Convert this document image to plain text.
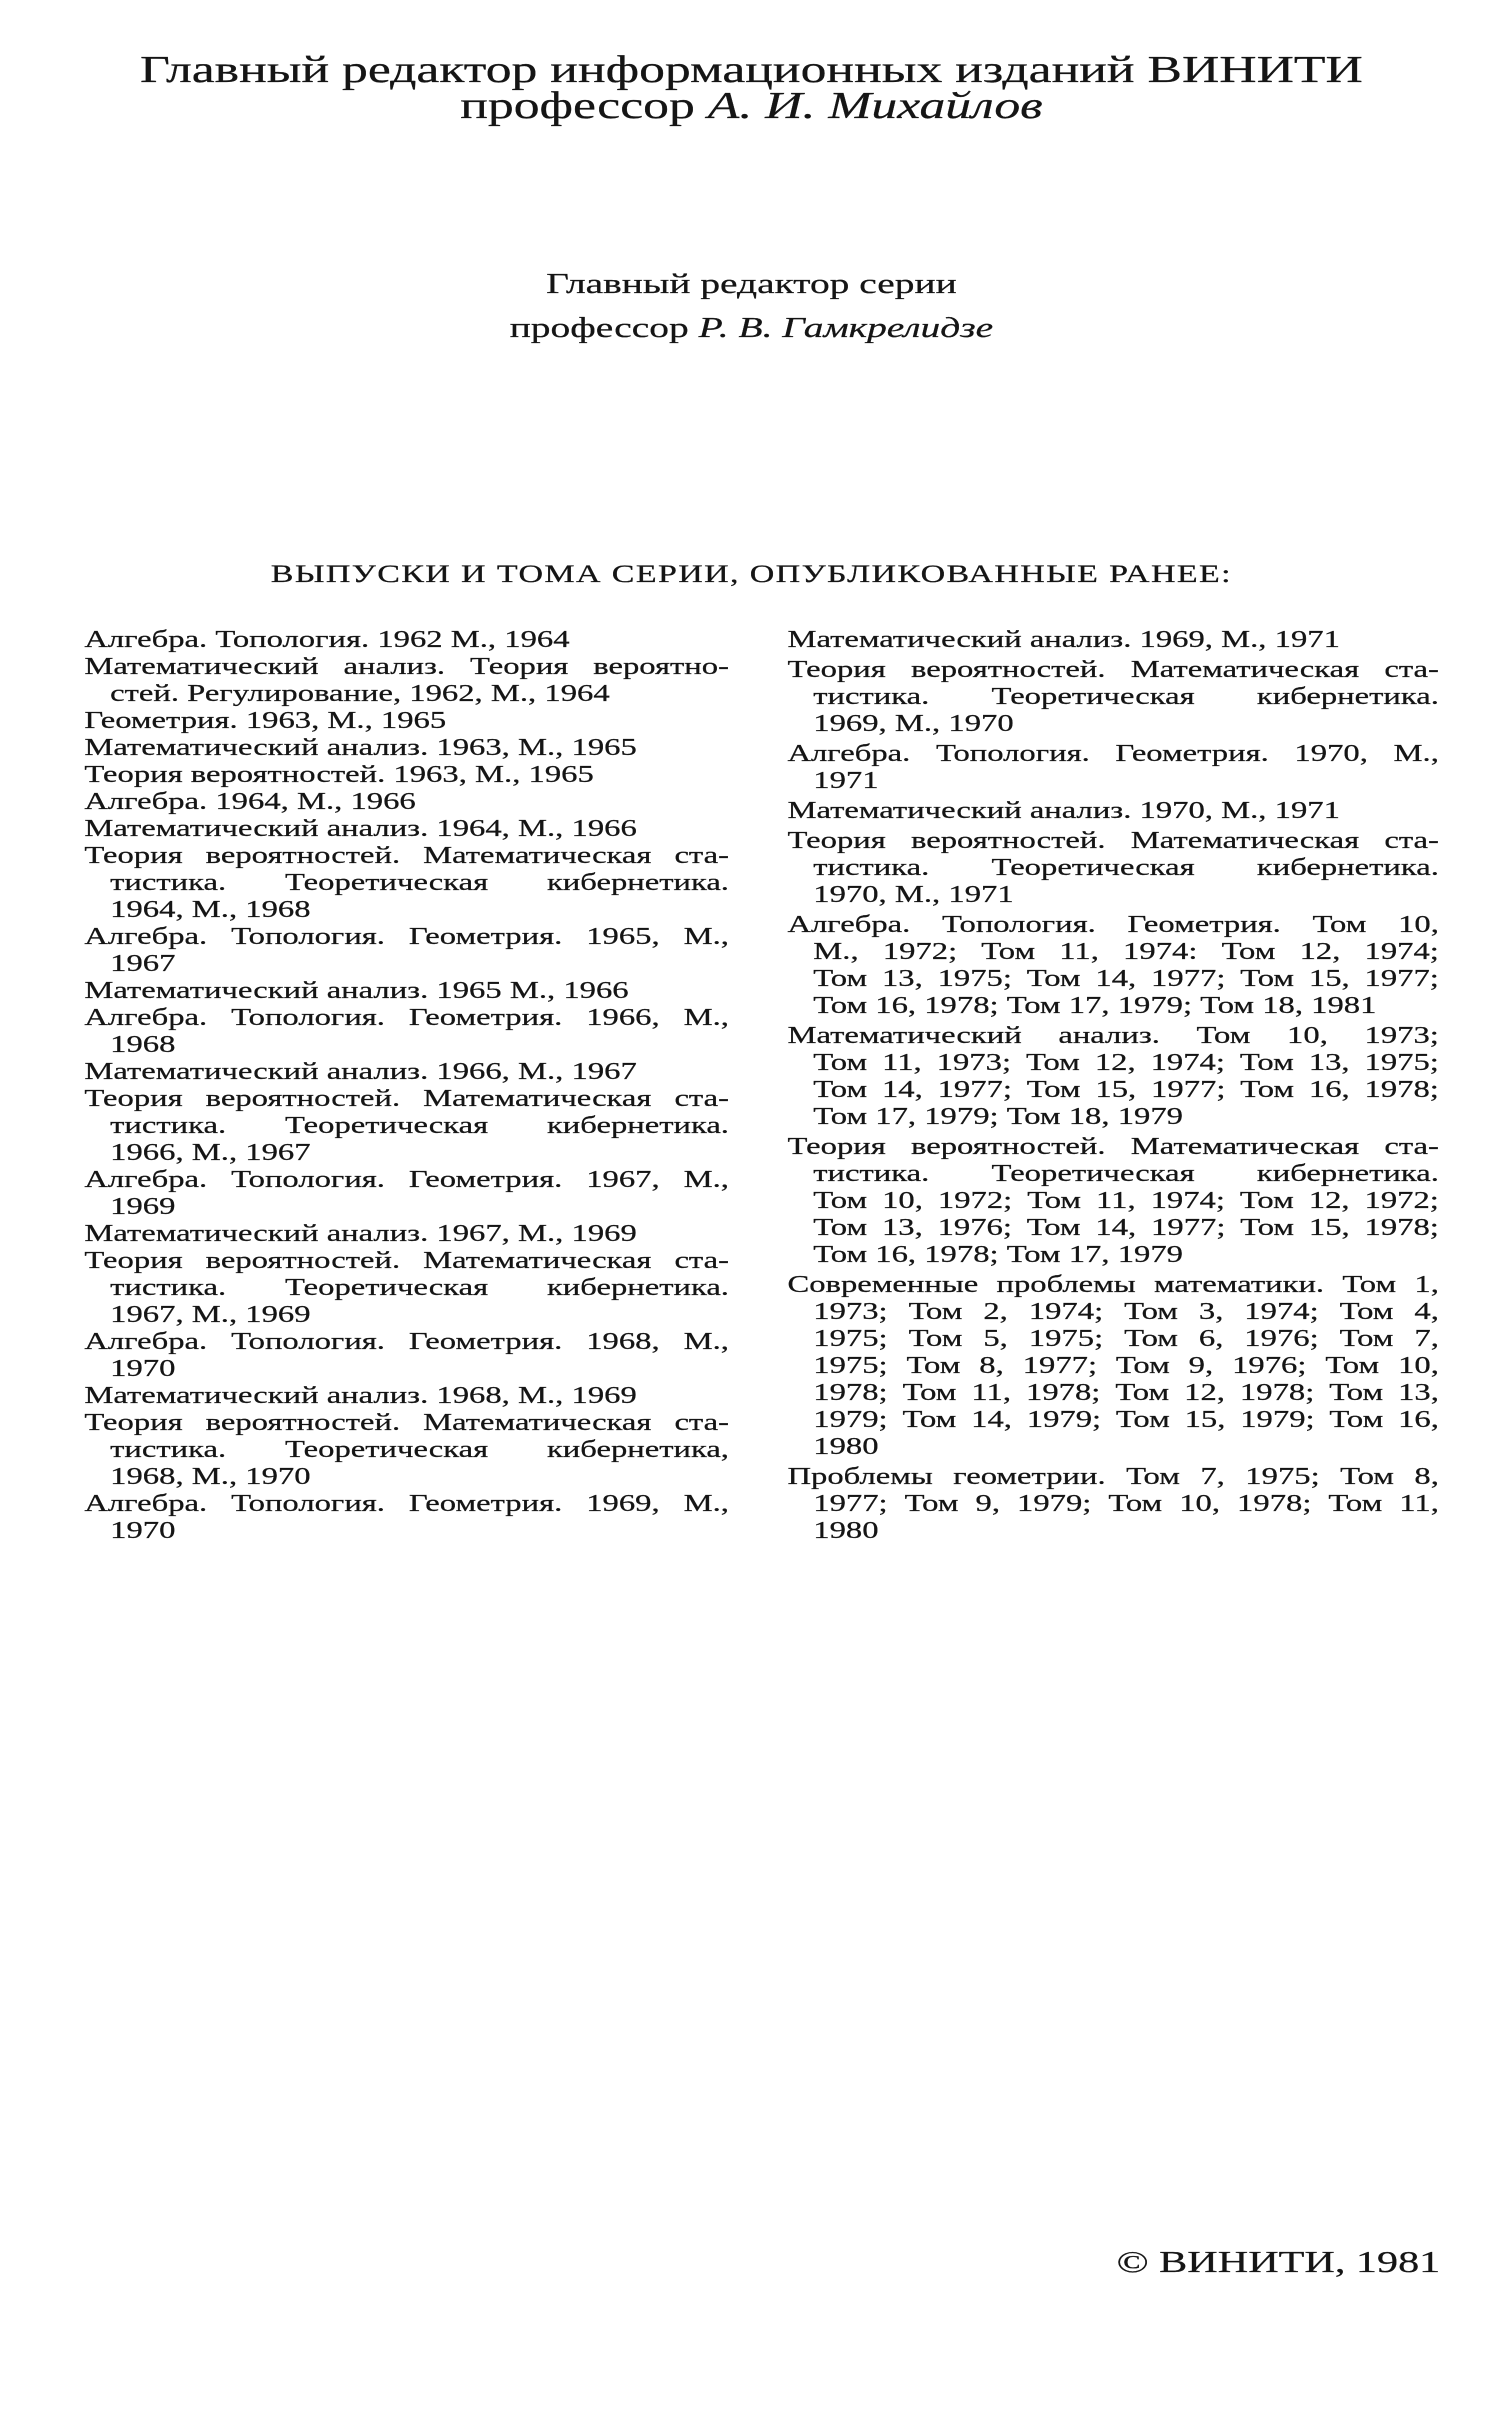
Главный редактор информационных изданий ВИНИТИ
профессор А. И. Михайлов
Главный редактор серии
профессор Р. В. Гамкрелидзе
ВЫПУСКИ И ТОМА СЕРИИ, ОПУБЛИКОВАННЫЕ РАНЕЕ:
Алгебра. Топология. 1962 М., 1964
Математический анализ. Теория вероятно-
стей. Регулирование, 1962, М., 1964
Геометрия. 1963, М., 1965
Математический анализ. 1963, М., 1965
Теория вероятностей. 1963, М., 1965
Алгебра. 1964, М., 1966
Математический анализ. 1964, М., 1966
Теория вероятностей. Математическая ста-
тистика. Теоретическая кибернетика.
1964, М., 1968
Алгебра. Топология. Геометрия. 1965, М.,
1967
Математический анализ. 1965 М., 1966
Алгебра. Топология. Геометрия. 1966, М.,
1968
Математический анализ. 1966, М., 1967
Теория вероятностей. Математическая ста-
тистика. Теоретическая кибернетика.
1966, М., 1967
Алгебра. Топология. Геометрия. 1967, М.,
1969
Математический анализ. 1967, М., 1969
Теория вероятностей. Математическая ста-
тистика. Теоретическая кибернетика.
1967, М., 1969
Алгебра. Топология. Геометрия. 1968, М.,
1970
Математический анализ. 1968, М., 1969
Теория вероятностей. Математическая ста-
тистика. Теоретическая кибернетика,
1968, М., 1970
Алгебра. Топология. Геометрия. 1969, М.,
1970
Математический анализ. 1969, М., 1971
Теория вероятностей. Математическая ста-
тистика. Теоретическая кибернетика.
1969, М., 1970
Алгебра. Топология. Геометрия. 1970, М.,
1971
Математический анализ. 1970, М., 1971
Теория вероятностей. Математическая ста-
тистика. Теоретическая кибернетика.
1970, М., 1971
Алгебра. Топология. Геометрия. Том 10,
М., 1972; Том 11, 1974: Том 12, 1974;
Том 13, 1975; Том 14, 1977; Том 15, 1977;
Том 16, 1978; Том 17, 1979; Том 18, 1981
Математический анализ. Том 10, 1973;
Том 11, 1973; Том 12, 1974; Том 13, 1975;
Том 14, 1977; Том 15, 1977; Том 16, 1978;
Том 17, 1979; Том 18, 1979
Теория вероятностей. Математическая ста-
тистика. Теоретическая кибернетика.
Том 10, 1972; Том 11, 1974; Том 12, 1972;
Том 13, 1976; Том 14, 1977; Том 15, 1978;
Том 16, 1978; Том 17, 1979
Современные проблемы математики. Том 1,
1973; Том 2, 1974; Том 3, 1974; Том 4,
1975; Том 5, 1975; Том 6, 1976; Том 7,
1975; Том 8, 1977; Том 9, 1976; Том 10,
1978; Том 11, 1978; Том 12, 1978; Том 13,
1979; Том 14, 1979; Том 15, 1979; Том 16,
1980
Проблемы геометрии. Том 7, 1975; Том 8,
1977; Том 9, 1979; Том 10, 1978; Том 11,
1980
© ВИНИТИ, 1981
